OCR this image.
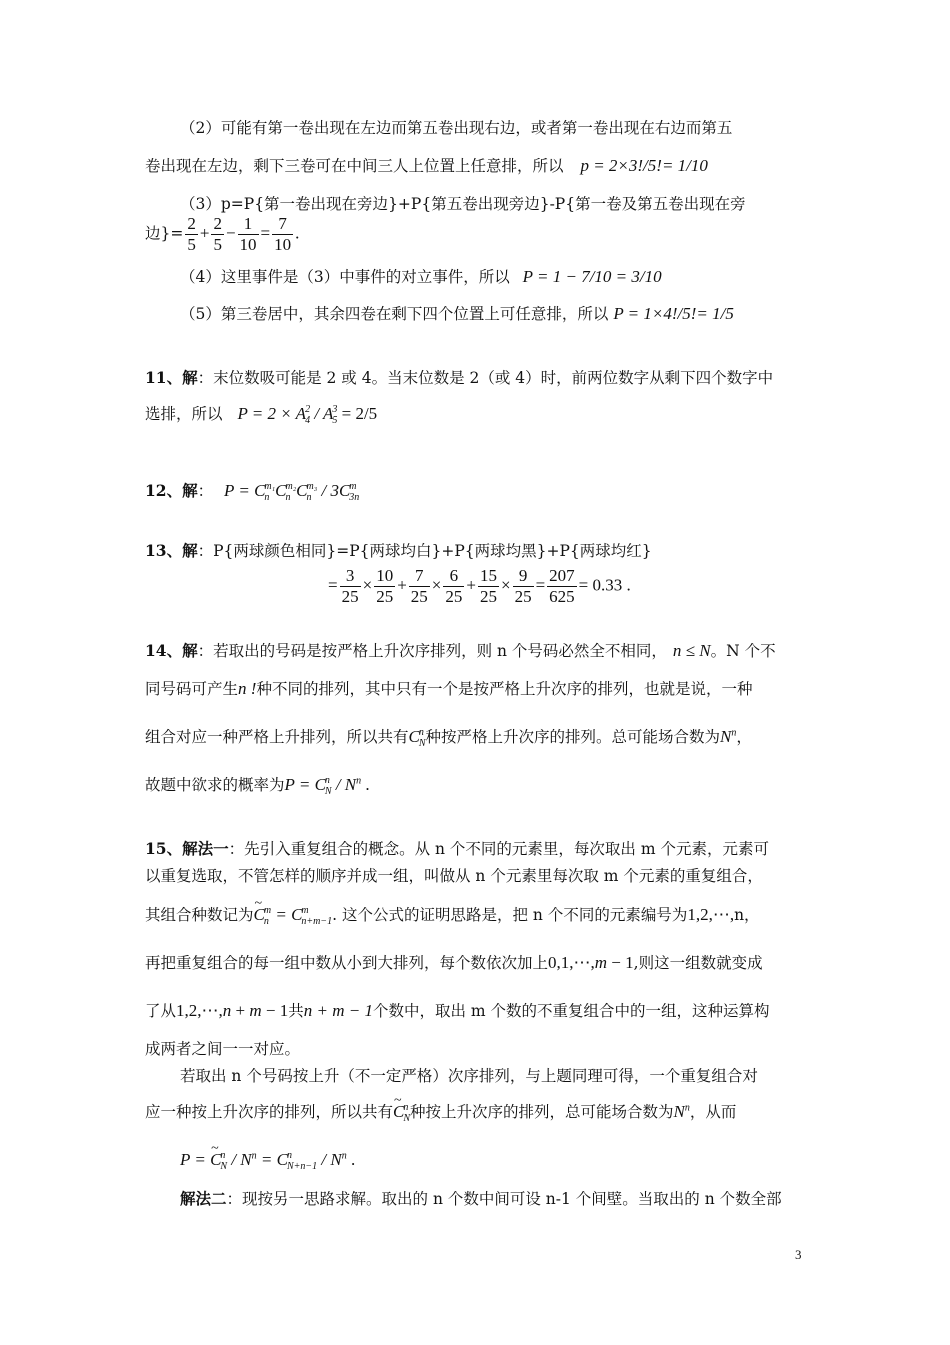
（2）可能有第一卷出现在左边而第五卷出现右边，或者第一卷出现在右边而第五
卷出现在左边，剩下三卷可在中间三人上位置上任意排，所以 p = 2×3!/5!= 1/10
（3）p=P{第一卷出现在旁边}+P{第五卷出现旁边}-P{第一卷及第五卷出现在旁
边}= $\frac{2}{5} + \frac{2}{5} - \frac{1}{10} = \frac{7}{10}$ .
（4）这里事件是（3）中事件的对立事件，所以 P = 1 − 7/10 = 3/10
（5）第三卷居中，其余四卷在剩下四个位置上可任意排，所以 P = 1×4!/5!= 1/5
11、解：末位数吸可能是 2 或 4。当末位数是 2（或 4）时，前两位数字从剩下四个数字中
选排，所以 P = 2 × A 2
4 / A 3
5 = 2/5
12、解： P = C m₁
n C m₂
n C m₃
n / 3C m
3n
13、解：P{两球颜色相同}=P{两球均白}+P{两球均黑}+P{两球均红}
= $\frac{3}{25} \times \frac{10}{25} + \frac{7}{25} \times \frac{6}{25} + \frac{15}{25} \times \frac{9}{25} = \frac{207}{625} = 0.33$ .
14、解：若取出的号码是按严格上升次序排列，则 n 个号码必然全不相同， n ≤ N。N 个不
同号码可产生n !种不同的排列，其中只有一个是按严格上升次序的排列，也就是说，一种
组合对应一种严格上升排列，所以共有C n
N 种按严格上升次序的排列。总可能场合数为$N^n$，
故题中欲求的概率为P = C n
N / $N^n$ .
15、解法一：先引入重复组合的概念。从 n 个不同的元素里，每次取出 m 个元素，元素可
以重复选取，不管怎样的顺序并成一组，叫做从 n 个元素里每次取 m 个元素的重复组合，
其组合种数记为~ C m
n = C m
n+m−1 . 这个公式的证明思路是，把 n 个不同的元素编号为1,2,⋯,n，
再把重复组合的每一组中数从小到大排列，每个数依次加上0,1,⋯,m − 1,则这一组数就变成
了从1,2,⋯,n + m − 1共n + m − 1个数中，取出 m 个数的不重复组合中的一组，这种运算构
成两者之间一一对应。
若取出 n 个号码按上升（不一定严格）次序排列，与上题同理可得，一个重复组合对
应一种按上升次序的排列，所以共有~ C n
N 种按上升次序的排列，总可能场合数为$N^n$，从而
P = ~ C n
$N / N^n = C$ n
$N+n-1 / N^n$ .
解法二：现按另一思路求解。取出的 n 个数中间可设 n-1 个间壁。当取出的 n 个数全部
3
